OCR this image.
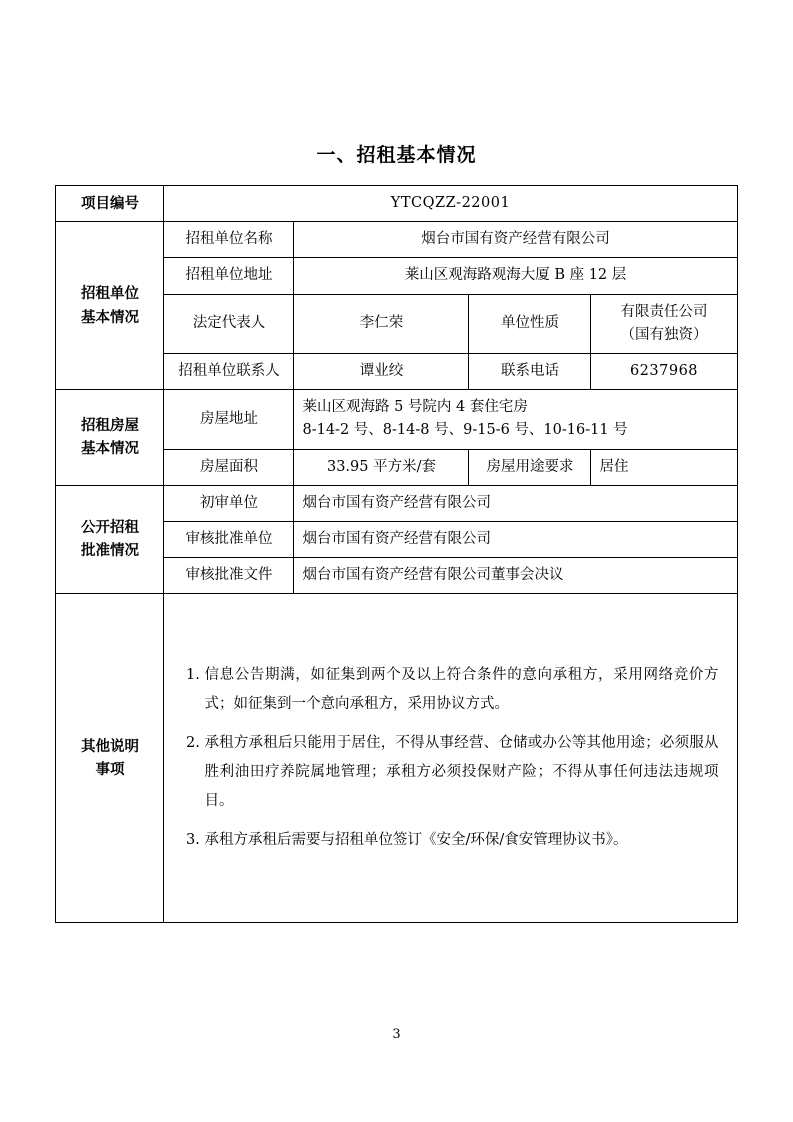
一、招租基本情况
项目编号	YTCQZZ-22001			

招租单位
基本情况	招租单位名称	烟台市国有资产经营有限公司		
	招租单位地址	莱山区观海路观海大厦 B 座 12 层		
	法定代表人	李仁荣	单位性质	有限责任公司
（国有独资）

	招租单位联系人	谭业绞	联系电话	6237968

招租房屋
基本情况	房屋地址	莱山区观海路 5 号院内 4 套住宅房
8-14-2 号、8-14-8 号、9-15-6 号、10-16-11 号		

	房屋面积	33.95 平方米/套	房屋用途要求	居住

公开招租
批准情况	初审单位	烟台市国有资产经营有限公司		
	审核批准单位	烟台市国有资产经营有限公司		
	审核批准文件	烟台市国有资产经营有限公司董事会决议		

其他说明
事项

1. 信息公告期满，如征集到两个及以上符合条件的意向承租方，采用网络竞价方式；如征集到一个意向承租方，采用协议方式。
2. 承租方承租后只能用于居住，不得从事经营、仓储或办公等其他用途；必须服从胜利油田疗养院属地管理；承租方必须投保财产险；不得从事任何违法违规项目。
3. 承租方承租后需要与招租单位签订《安全/环保/食安管理协议书》。
3
